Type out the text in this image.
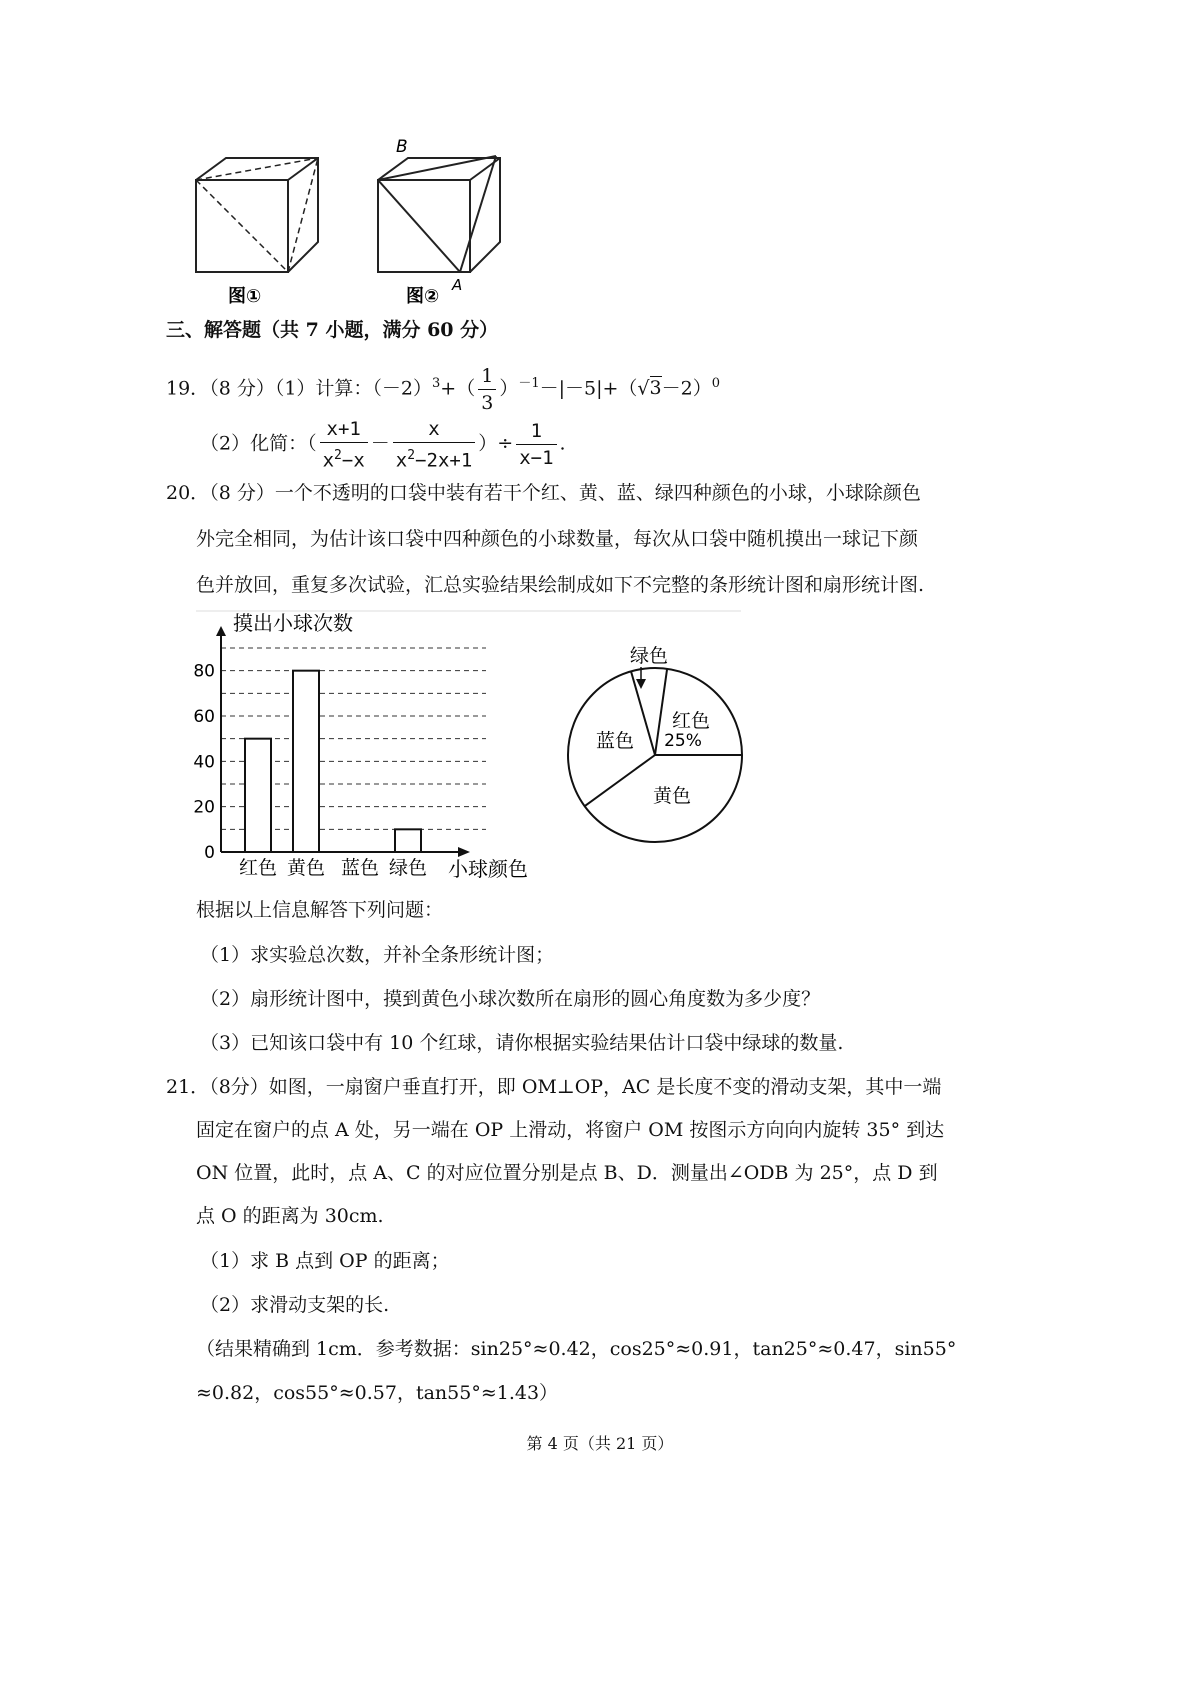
图①
B
A
图②
三、解答题（共 7 小题，满分 60 分）
19．（8 分）（1）计算：$(-2)^3+( \frac{1}{3} )^{-1}-|-5|+(√3-2)^0$
（2）化简：（ $\frac{x+1}{x^2-x} - \frac{x}{x^2-2x+1}$ ）÷ $\frac{1}{x-1}$ .
20．（8 分）一个不透明的口袋中装有若干个红、黄、蓝、绿四种颜色的小球，小球除颜色
外完全相同，为估计该口袋中四种颜色的小球数量，每次从口袋中随机摸出一球记下颜
色并放回，重复多次试验，汇总实验结果绘制成如下不完整的条形统计图和扇形统计图.
摸出小球次数
小球颜色
0
20
40
60
80
红色 黄色 蓝色 绿色
红色
黄色
蓝色
绿色
25%
根据以上信息解答下列问题：
（1）求实验总次数，并补全条形统计图；
（2）扇形统计图中，摸到黄色小球次数所在扇形的圆心角度数为多少度？
（3）已知该口袋中有 10 个红球，请你根据实验结果估计口袋中绿球的数量.
21．（8分）如图，一扇窗户垂直打开，即 OM⊥OP，AC 是长度不变的滑动支架，其中一端
固定在窗户的点 A 处，另一端在 OP 上滑动，将窗户 OM 按图示方向向内旋转 35° 到达
ON 位置，此时，点 A、C 的对应位置分别是点 B、D．测量出∠ODB 为 25°，点 D 到
点 O 的距离为 30cm.
（1）求 B 点到 OP 的距离；
（2）求滑动支架的长.
（结果精确到 1cm．参考数据：sin25°≈0.42，cos25°≈0.91，tan25°≈0.47，sin55°
≈0.82，cos55°≈0.57，tan55°≈1.43）
第 4 页（共 21 页）
